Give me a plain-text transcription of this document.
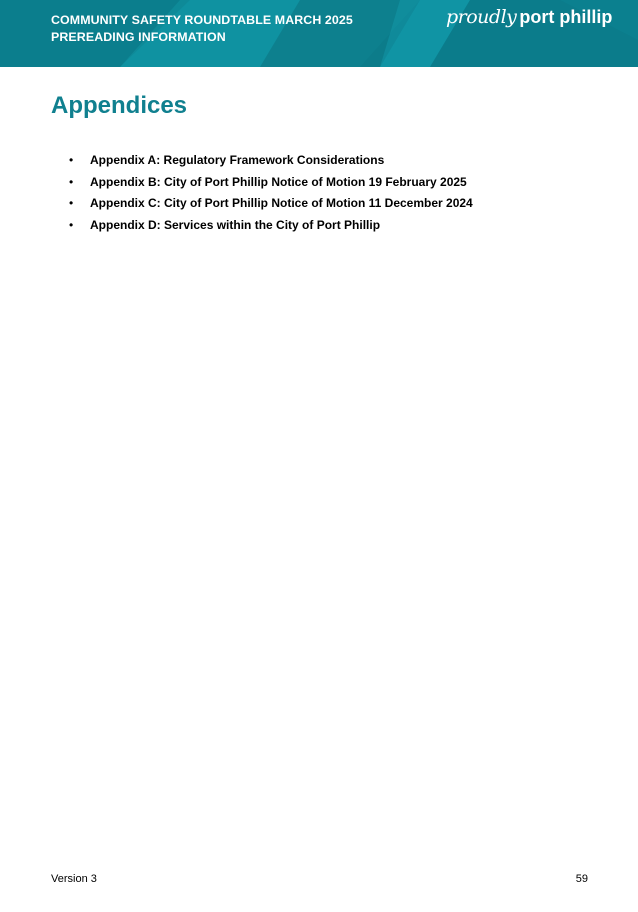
COMMUNITY SAFETY ROUNDTABLE MARCH 2025
PREREADING INFORMATION
proudly port phillip
Appendices
• Appendix A: Regulatory Framework Considerations
• Appendix B: City of Port Phillip Notice of Motion 19 February 2025
• Appendix C: City of Port Phillip Notice of Motion 11 December 2024
• Appendix D: Services within the City of Port Phillip
Version 3	59
